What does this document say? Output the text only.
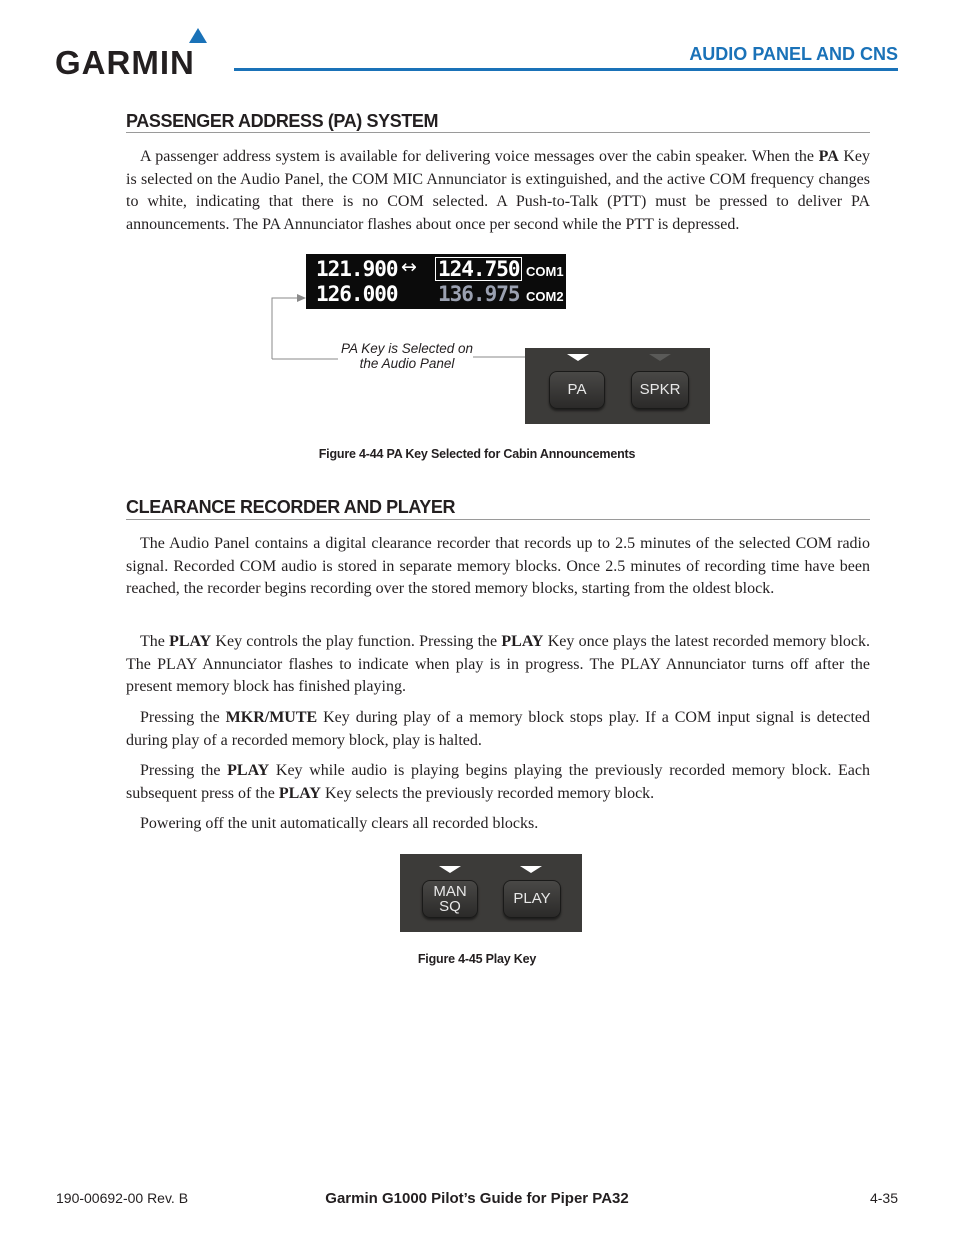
GARMIN	AUDIO PANEL AND CNS
PASSENGER ADDRESS (PA) SYSTEM

A passenger address system is available for delivering voice messages over the cabin speaker. When the PA Key is selected on the Audio Panel, the COM MIC Annunciator is extinguished, and the active COM frequency changes to white, indicating that there is no COM selected. A Push-to-Talk (PTT) must be pressed to deliver PA announcements. The PA Annunciator flashes about once per second while the PTT is depressed.

121.900 ↔ 124.750 COM1
126.000 136.975 COM2
PA Key is Selected on
the Audio Panel
PA	SPKR
Figure 4-44 PA Key Selected for Cabin Announcements
CLEARANCE RECORDER AND PLAYER

The Audio Panel contains a digital clearance recorder that records up to 2.5 minutes of the selected COM radio signal. Recorded COM audio is stored in separate memory blocks. Once 2.5 minutes of recording time have been reached, the recorder begins recording over the stored memory blocks, starting from the oldest block.

The PLAY Key controls the play function. Pressing the PLAY Key once plays the latest recorded memory block. The PLAY Annunciator flashes to indicate when play is in progress. The PLAY Annunciator turns off after the present memory block has finished playing.

Pressing the MKR/MUTE Key during play of a memory block stops play. If a COM input signal is detected during play of a recorded memory block, play is halted.

Pressing the PLAY Key while audio is playing begins playing the previously recorded memory block. Each subsequent press of the PLAY Key selects the previously recorded memory block.

Powering off the unit automatically clears all recorded blocks.

MAN
SQ	PLAY
Figure 4-45 Play Key
190-00692-00 Rev. B	Garmin G1000 Pilot’s Guide for Piper PA32	4-35
